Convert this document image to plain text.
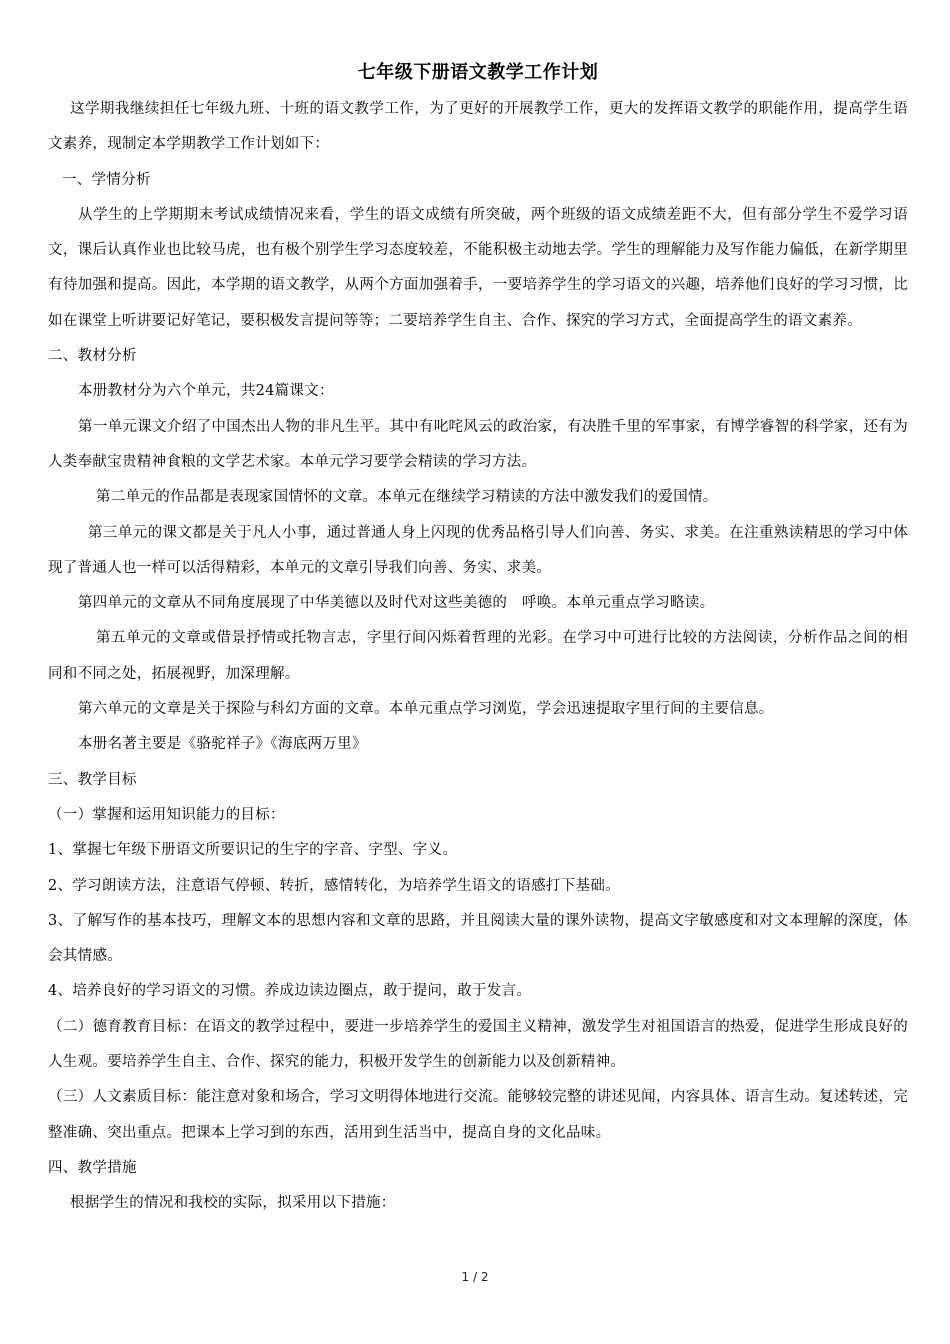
七年级下册语文教学工作计划

这学期我继续担任七年级九班、十班的语文教学工作，为了更好的开展教学工作，更大的发挥语文教学的职能作用，提高学生语文素养，现制定本学期教学工作计划如下：

一、学情分析

从学生的上学期期末考试成绩情况来看，学生的语文成绩有所突破，两个班级的语文成绩差距不大，但有部分学生不爱学习语文，课后认真作业也比较马虎，也有极个别学生学习态度较差，不能积极主动地去学。学生的理解能力及写作能力偏低，在新学期里有待加强和提高。因此，本学期的语文教学，从两个方面加强着手，一要培养学生的学习语文的兴趣，培养他们良好的学习习惯，比如在课堂上听讲要记好笔记，要积极发言提问等等；二要培养学生自主、合作、探究的学习方式，全面提高学生的语文素养。

二、教材分析

本册教材分为六个单元，共24篇课文：

第一单元课文介绍了中国杰出人物的非凡生平。其中有叱咤风云的政治家，有决胜千里的军事家，有博学睿智的科学家，还有为人类奉献宝贵精神食粮的文学艺术家。本单元学习要学会精读的学习方法。

第二单元的作品都是表现家国情怀的文章。本单元在继续学习精读的方法中激发我们的爱国情。

第三单元的课文都是关于凡人小事，通过普通人身上闪现的优秀品格引导人们向善、务实、求美。在注重熟读精思的学习中体现了普通人也一样可以活得精彩，本单元的文章引导我们向善、务实、求美。

第四单元的文章从不同角度展现了中华美德以及时代对这些美德的　呼唤。本单元重点学习略读。

第五单元的文章或借景抒情或托物言志，字里行间闪烁着哲理的光彩。在学习中可进行比较的方法阅读，分析作品之间的相同和不同之处，拓展视野，加深理解。

第六单元的文章是关于探险与科幻方面的文章。本单元重点学习浏览，学会迅速提取字里行间的主要信息。

本册名著主要是《骆驼祥子》《海底两万里》

三、教学目标

（一）掌握和运用知识能力的目标：

1、掌握七年级下册语文所要识记的生字的字音、字型、字义。

2、学习朗读方法，注意语气停顿、转折，感情转化，为培养学生语文的语感打下基础。

3、了解写作的基本技巧，理解文本的思想内容和文章的思路，并且阅读大量的课外读物，提高文字敏感度和对文本理解的深度，体会其情感。

4、培养良好的学习语文的习惯。养成边读边圈点，敢于提问，敢于发言。

（二）德育教育目标：在语文的教学过程中，要进一步培养学生的爱国主义精神，激发学生对祖国语言的热爱，促进学生形成良好的人生观。要培养学生自主、合作、探究的能力，积极开发学生的创新能力以及创新精神。

（三）人文素质目标：能注意对象和场合，学习文明得体地进行交流。能够较完整的讲述见闻，内容具体、语言生动。复述转述，完整准确、突出重点。把课本上学习到的东西，活用到生活当中，提高自身的文化品味。

四、教学措施

根据学生的情况和我校的实际，拟采用以下措施：

1 / 2
